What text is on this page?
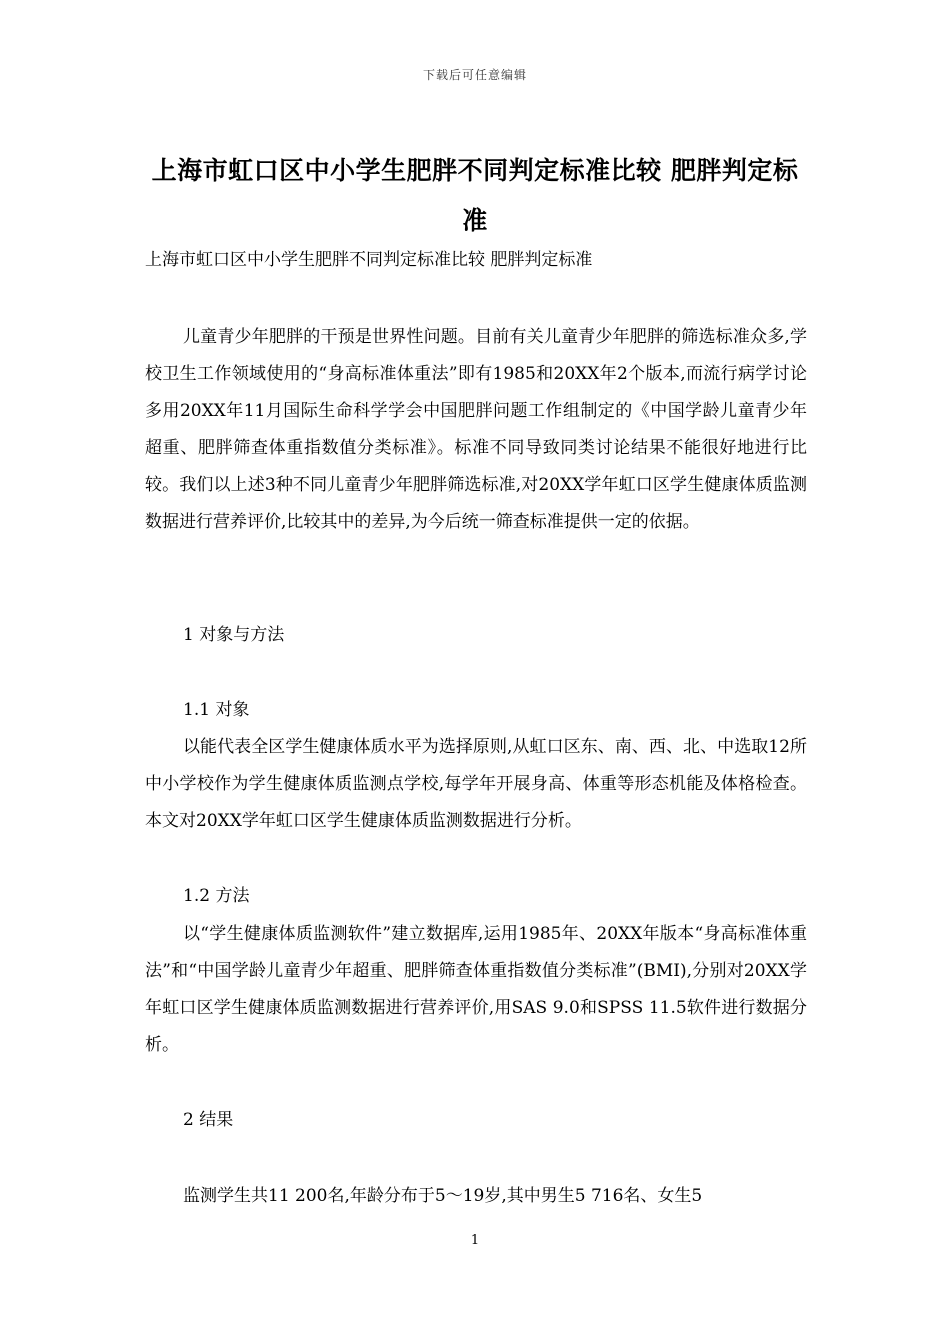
下载后可任意编辑
上海市虹口区中小学生肥胖不同判定标准比较 肥胖判定标准
上海市虹口区中小学生肥胖不同判定标准比较 肥胖判定标准

儿童青少年肥胖的干预是世界性问题。目前有关儿童青少年肥胖的筛选标准众多,学校卫生工作领域使用的“身高标准体重法”即有1985和20XX年2个版本,而流行病学讨论多用20XX年11月国际生命科学学会中国肥胖问题工作组制定的《中国学龄儿童青少年超重、肥胖筛查体重指数值分类标准》。标准不同导致同类讨论结果不能很好地进行比较。我们以上述3种不同儿童青少年肥胖筛选标准,对20XX学年虹口区学生健康体质监测数据进行营养评价,比较其中的差异,为今后统一筛查标准提供一定的依据。

1 对象与方法
1.1 对象

以能代表全区学生健康体质水平为选择原则,从虹口区东、南、西、北、中选取12所中小学校作为学生健康体质监测点学校,每学年开展身高、体重等形态机能及体格检查。本文对20XX学年虹口区学生健康体质监测数据进行分析。

1.2 方法

以“学生健康体质监测软件”建立数据库,运用1985年、20XX年版本“身高标准体重法”和“中国学龄儿童青少年超重、肥胖筛查体重指数值分类标准”(BMI),分别对20XX学年虹口区学生健康体质监测数据进行营养评价,用SAS 9.0和SPSS 11.5软件进行数据分析。

2 结果

监测学生共11 200名,年龄分布于5～19岁,其中男生5 716名、女生5

1
